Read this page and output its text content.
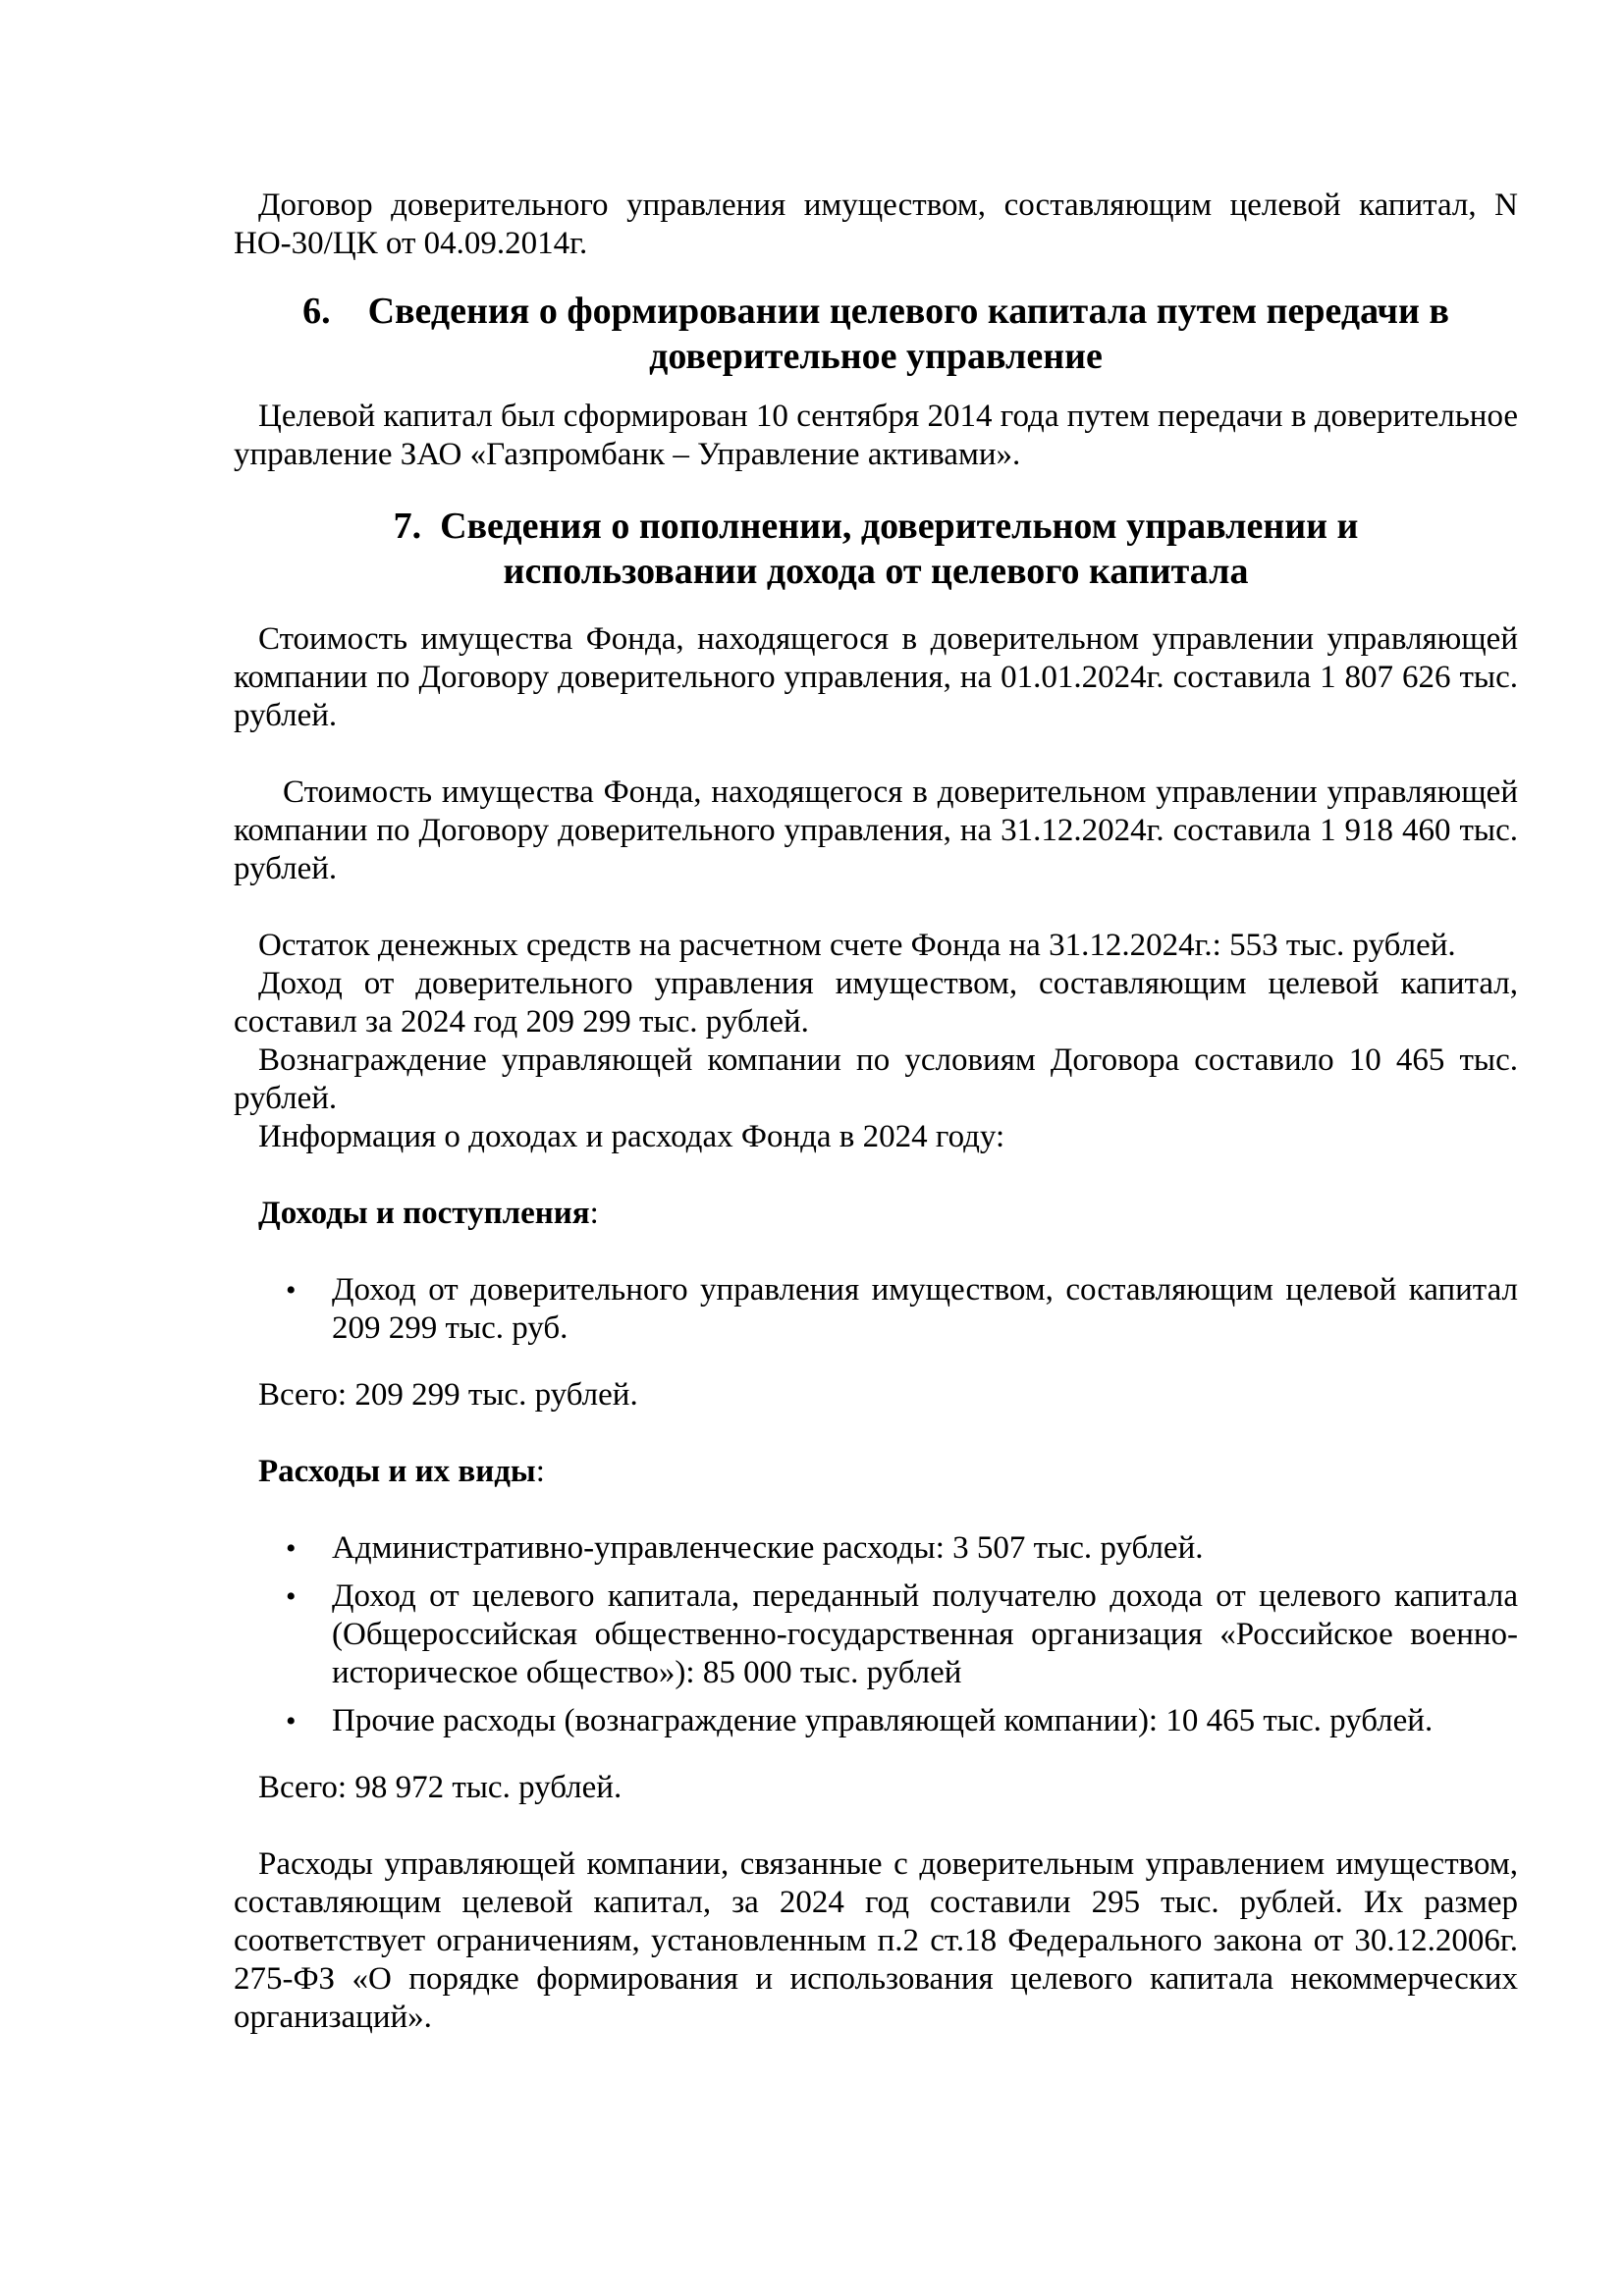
Договор доверительного управления имуществом, составляющим целевой капитал, N НО-30/ЦК от 04.09.2014г.

6. Сведения о формировании целевого капитала путем передачи в доверительное управление

Целевой капитал был сформирован 10 сентября 2014 года путем передачи в доверительное управление ЗАО «Газпромбанк – Управление активами».

7. Сведения о пополнении, доверительном управлении и использовании дохода от целевого капитала

Стоимость имущества Фонда, находящегося в доверительном управлении управляющей компании по Договору доверительного управления, на 01.01.2024г. составила 1 807 626 тыс. рублей.

Стоимость имущества Фонда, находящегося в доверительном управлении управляющей компании по Договору доверительного управления, на 31.12.2024г. составила 1 918 460 тыс. рублей.

Остаток денежных средств на расчетном счете Фонда на 31.12.2024г.: 553 тыс. рублей.

Доход от доверительного управления имуществом, составляющим целевой капитал, составил за 2024 год 209 299 тыс. рублей.

Вознаграждение управляющей компании по условиям Договора составило 10 465 тыс. рублей.

Информация о доходах и расходах Фонда в 2024 году:

Доходы и поступления:

• Доход от доверительного управления имуществом, составляющим целевой капитал 209 299 тыс. руб.

Всего: 209 299 тыс. рублей.

Расходы и их виды:

• Административно-управленческие расходы: 3 507 тыс. рублей.
• Доход от целевого капитала, переданный получателю дохода от целевого капитала (Общероссийская общественно-государственная организация «Российское военно-историческое общество»): 85 000 тыс. рублей
• Прочие расходы (вознаграждение управляющей компании): 10 465 тыс. рублей.

Всего: 98 972 тыс. рублей.

Расходы управляющей компании, связанные с доверительным управлением имуществом, составляющим целевой капитал, за 2024 год составили 295 тыс. рублей. Их размер соответствует ограничениям, установленным п.2 ст.18 Федерального закона от 30.12.2006г. 275-ФЗ «О порядке формирования и использования целевого капитала некоммерческих организаций».
